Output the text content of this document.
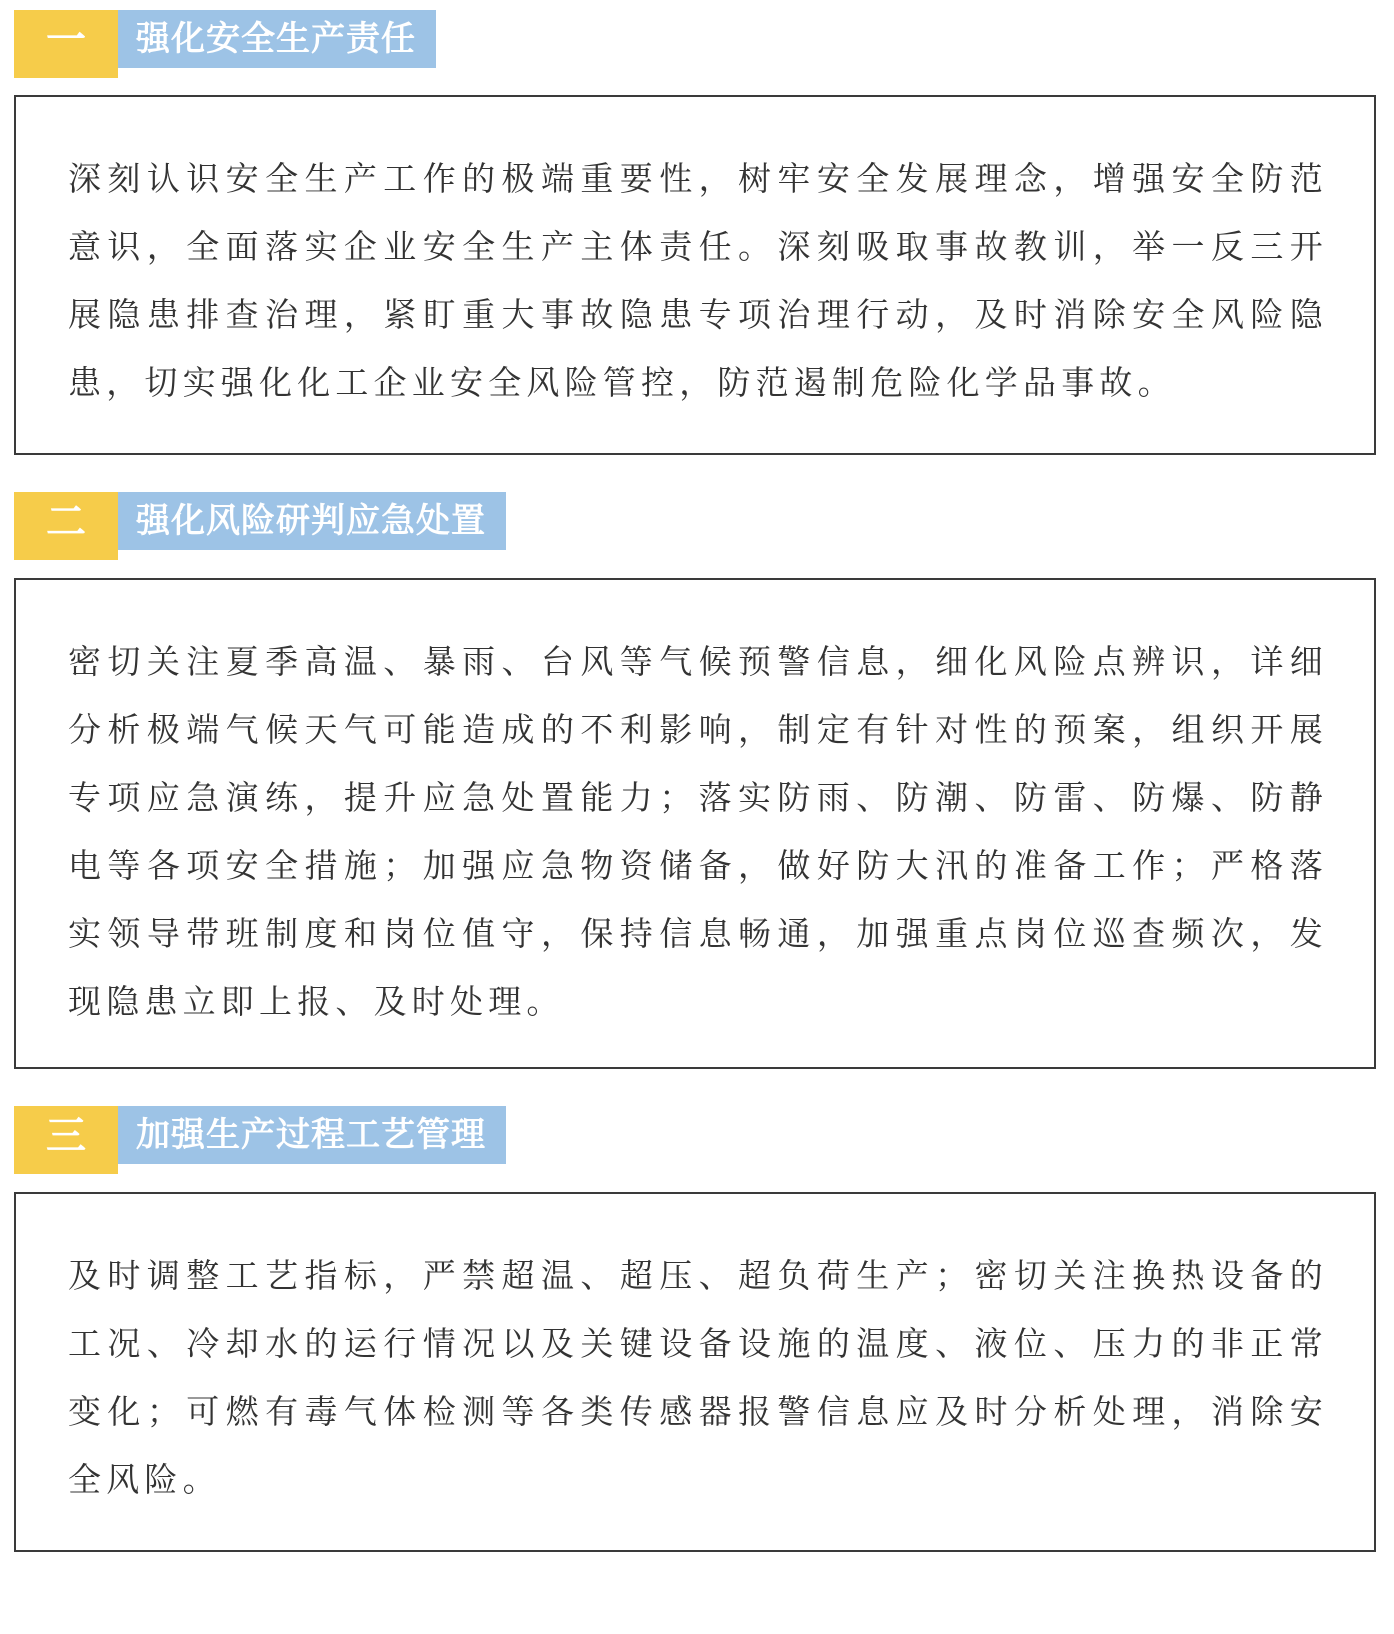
一	强化安全生产责任

深刻认识安全生产工作的极端重要性，树牢安全发展理念，增强安全防范意识，全面落实企业安全生产主体责任。深刻吸取事故教训，举一反三开展隐患排查治理，紧盯重大事故隐患专项治理行动，及时消除安全风险隐患，切实强化化工企业安全风险管控，防范遏制危险化学品事故。

二	强化风险研判应急处置

密切关注夏季高温、暴雨、台风等气候预警信息，细化风险点辨识，详细分析极端气候天气可能造成的不利影响，制定有针对性的预案，组织开展专项应急演练，提升应急处置能力；落实防雨、防潮、防雷、防爆、防静电等各项安全措施；加强应急物资储备，做好防大汛的准备工作；严格落实领导带班制度和岗位值守，保持信息畅通，加强重点岗位巡查频次，发现隐患立即上报、及时处理。

三	加强生产过程工艺管理

及时调整工艺指标，严禁超温、超压、超负荷生产；密切关注换热设备的工况、冷却水的运行情况以及关键设备设施的温度、液位、压力的非正常变化；可燃有毒气体检测等各类传感器报警信息应及时分析处理，消除安全风险。
